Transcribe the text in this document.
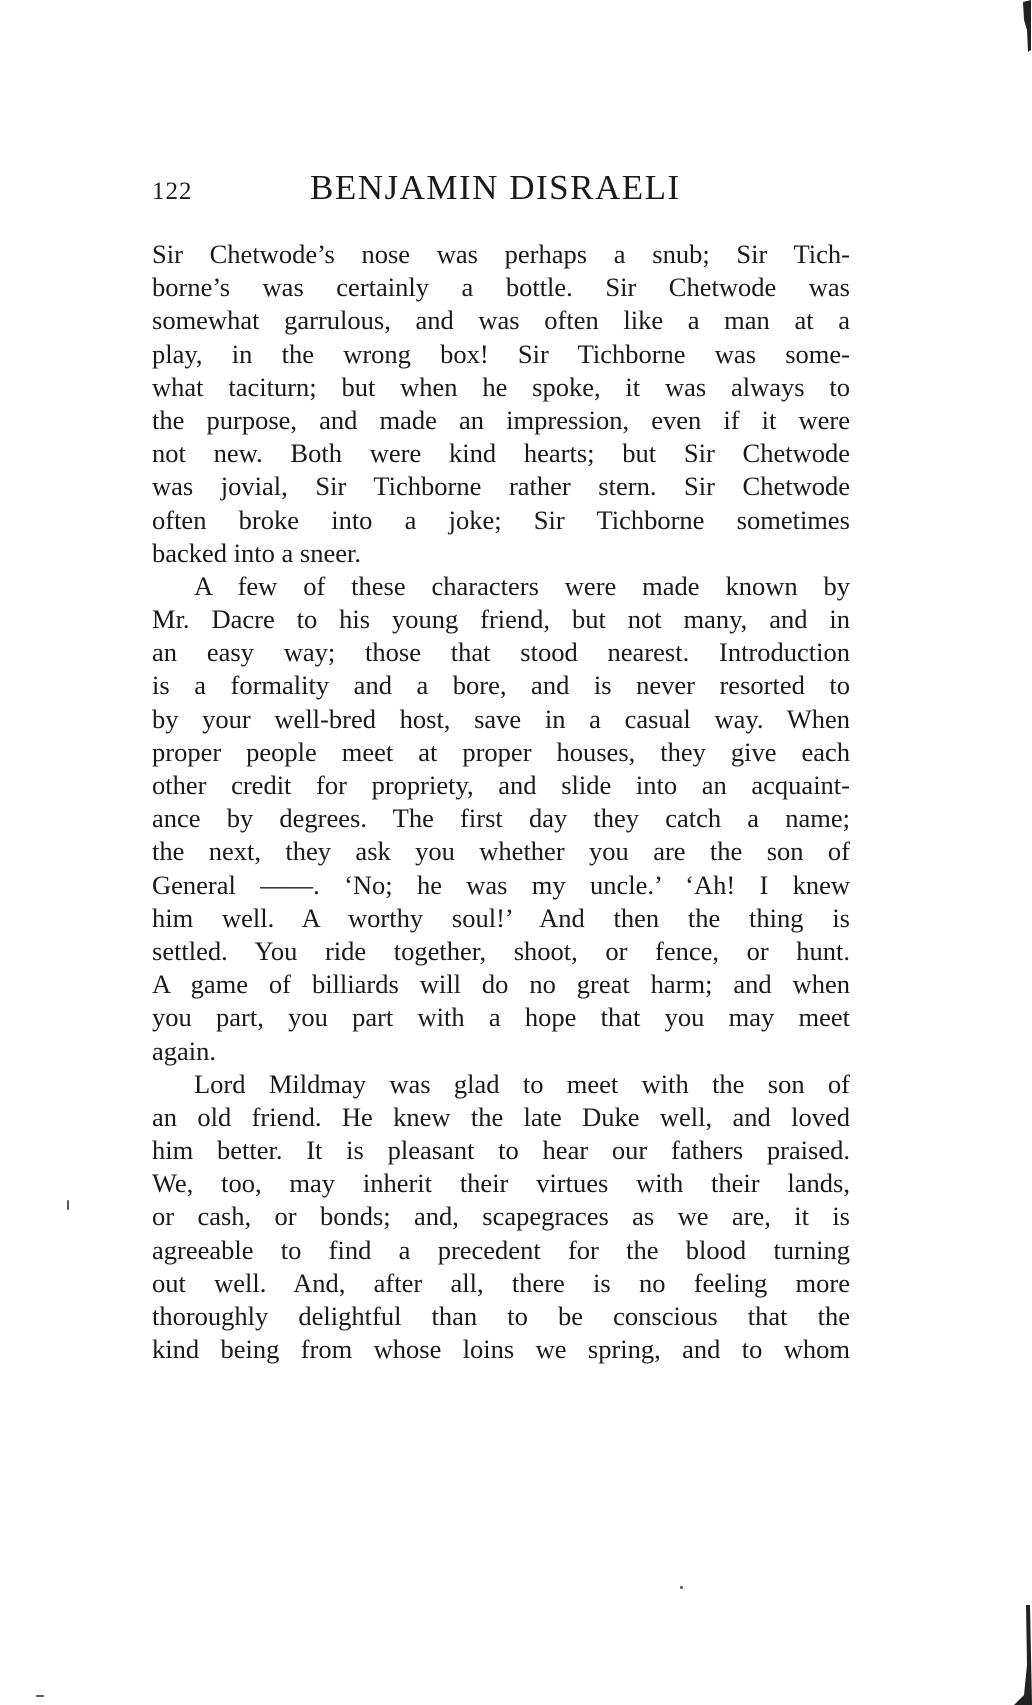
122	BENJAMIN DISRAELI
Sir Chetwode’s nose was perhaps a snub; Sir Tich-
borne’s was certainly a bottle. Sir Chetwode was
somewhat garrulous, and was often like a man at a
play, in the wrong box! Sir Tichborne was some-
what taciturn; but when he spoke, it was always to
the purpose, and made an impression, even if it were
not new. Both were kind hearts; but Sir Chetwode
was jovial, Sir Tichborne rather stern. Sir Chetwode
often broke into a joke; Sir Tichborne sometimes
backed into a sneer.
A few of these characters were made known by
Mr. Dacre to his young friend, but not many, and in
an easy way; those that stood nearest. Introduction
is a formality and a bore, and is never resorted to
by your well-bred host, save in a casual way. When
proper people meet at proper houses, they give each
other credit for propriety, and slide into an acquaint-
ance by degrees. The first day they catch a name;
the next, they ask you whether you are the son of
General ——. ‘No; he was my uncle.’ ‘Ah! I knew
him well. A worthy soul!’ And then the thing is
settled. You ride together, shoot, or fence, or hunt.
A game of billiards will do no great harm; and when
you part, you part with a hope that you may meet
again.
Lord Mildmay was glad to meet with the son of
an old friend. He knew the late Duke well, and loved
him better. It is pleasant to hear our fathers praised.
We, too, may inherit their virtues with their lands,
or cash, or bonds; and, scapegraces as we are, it is
agreeable to find a precedent for the blood turning
out well. And, after all, there is no feeling more
thoroughly delightful than to be conscious that the
kind being from whose loins we spring, and to whom
